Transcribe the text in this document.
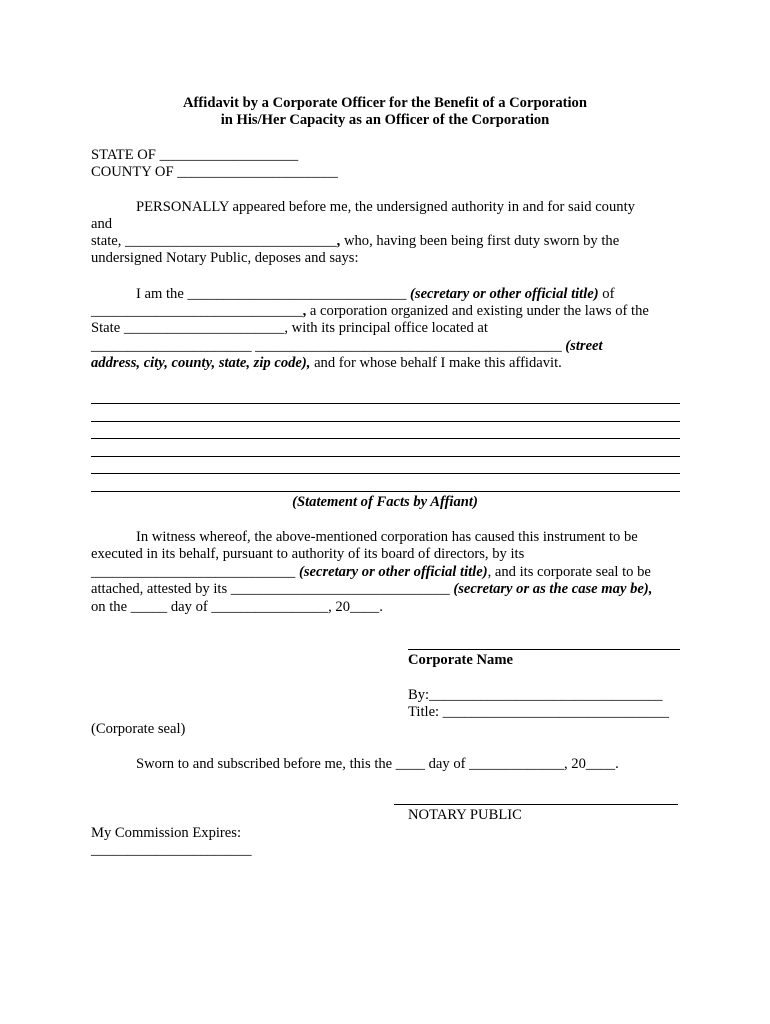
Affidavit by a Corporate Officer for the Benefit of a Corporation
in His/Her Capacity as an Officer of the Corporation
STATE OF ___________________
COUNTY OF ______________________
PERSONALLY appeared before me, the undersigned authority in and for said county
and
state, _____________________________, who, having been being first duty sworn by the
undersigned Notary Public, deposes and says:
I am the ______________________________ (secretary or other official title) of
_____________________________, a corporation organized and existing under the laws of the
State ______________________, with its principal office located at
______________________ __________________________________________ (street
address, city, county, state, zip code), and for whose behalf I make this affidavit.
(Statement of Facts by Affiant)
In witness whereof, the above-mentioned corporation has caused this instrument to be
executed in its behalf, pursuant to authority of its board of directors, by its
____________________________ (secretary or other official title), and its corporate seal to be
attached, attested by its ______________________________ (secretary or as the case may be),
on the _____ day of ________________, 20____.
Corporate Name
By:________________________________
Title: _______________________________
(Corporate seal)
Sworn to and subscribed before me, this the ____ day of _____________, 20____.
NOTARY PUBLIC
My Commission Expires:
______________________
